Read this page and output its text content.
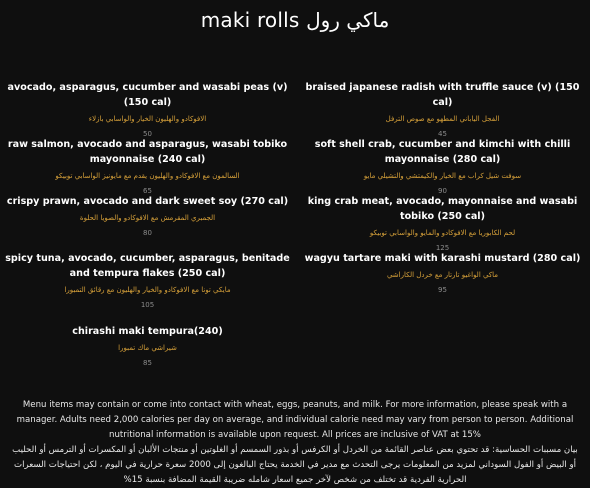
maki rolls ماكي رول
avocado, asparagus, cucumber and wasabi peas (v) (150 cal)
الافوكادو والهليون الخيار والواسابي بازلاء
50
raw salmon, avocado and asparagus, wasabi tobiko mayonnaise (240 cal)
السالمون مع الافوكادو والهليون يقدم مع مايونيز الواسابي توبيكو
65
crispy prawn, avocado and dark sweet soy (270 cal)
الجمبري المقرمش مع الافوكادو والصويا الحلوة
80
spicy tuna, avocado, cucumber, asparagus, benitade and tempura flakes (250 cal)
مايكي تونا مع الافوكادو والخيار والهليون مع رقائق التمبورا
105
chirashi maki tempura(240)
شيراشي ماك تمبورا
85
braised japanese radish with truffle sauce (v) (150 cal)
الفجل الياباني المطهو مع صوص الترفل
45
soft shell crab, cucumber and kimchi with chilli mayonnaise (280 cal)
سوفت شيل كراب مع الخيار والكيمتشي والتشيلي مايو
90
king crab meat, avocado, mayonnaise and wasabi tobiko (250 cal)
لحم الكابوريا مع الافوكادو والمايو والواسابي توبيكو
125
wagyu tartare maki with karashi mustard (280 cal)
ماكي الواغيو تارتار مع خردل الكاراشي
95
Menu items may contain or come into contact with wheat, eggs, peanuts, and milk. For more information, please speak with a manager. Adults need 2,000 calories per day on average, and individual calorie need may vary from person to person. Additional nutritional information is available upon request. All prices are inclusive of VAT at 15%
بيان مسببات الحساسية: قد تحتوي بعض عناصر القائمة من الخردل أو الكرفس أو بذور السمسم أو الغلوتين أو منتجات الألبان أو المكسرات أو الترمس أو الحليب أو البيض أو الفول السوداني لمزيد من المعلومات يرجى التحدث مع مدير في الخدمة يحتاج البالغون إلى 2000 سعرة حرارية في اليوم ، لكن احتياجات السعرات الحرارية الفردية قد تختلف من شخص لآخر جميع اسعار شامله ضريبة القيمة المضافة بنسبة 15%
